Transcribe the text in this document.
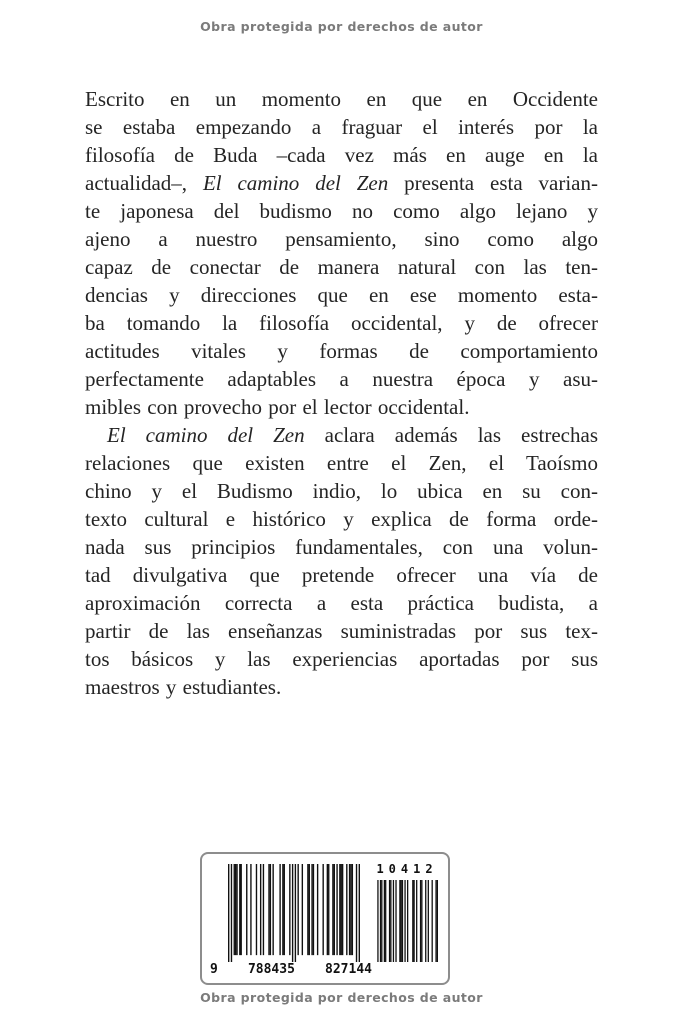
Obra protegida por derechos de autor
Escrito en un momento en que en Occidente
se estaba empezando a fraguar el interés por la
filosofía de Buda –cada vez más en auge en la
actualidad–, El camino del Zen presenta esta varian-
te japonesa del budismo no como algo lejano y
ajeno a nuestro pensamiento, sino como algo
capaz de conectar de manera natural con las ten-
dencias y direcciones que en ese momento esta-
ba tomando la filosofía occidental, y de ofrecer
actitudes vitales y formas de comportamiento
perfectamente adaptables a nuestra época y asu-
mibles con provecho por el lector occidental.
El camino del Zen aclara además las estrechas
relaciones que existen entre el Zen, el Taoísmo
chino y el Budismo indio, lo ubica en su con-
texto cultural e histórico y explica de forma orde-
nada sus principios fundamentales, con una volun-
tad divulgativa que pretende ofrecer una vía de
aproximación correcta a esta práctica budista, a
partir de las enseñanzas suministradas por sus tex-
tos básicos y las experiencias aportadas por sus
maestros y estudiantes.
9 788435 827144
10412
Obra protegida por derechos de autor
